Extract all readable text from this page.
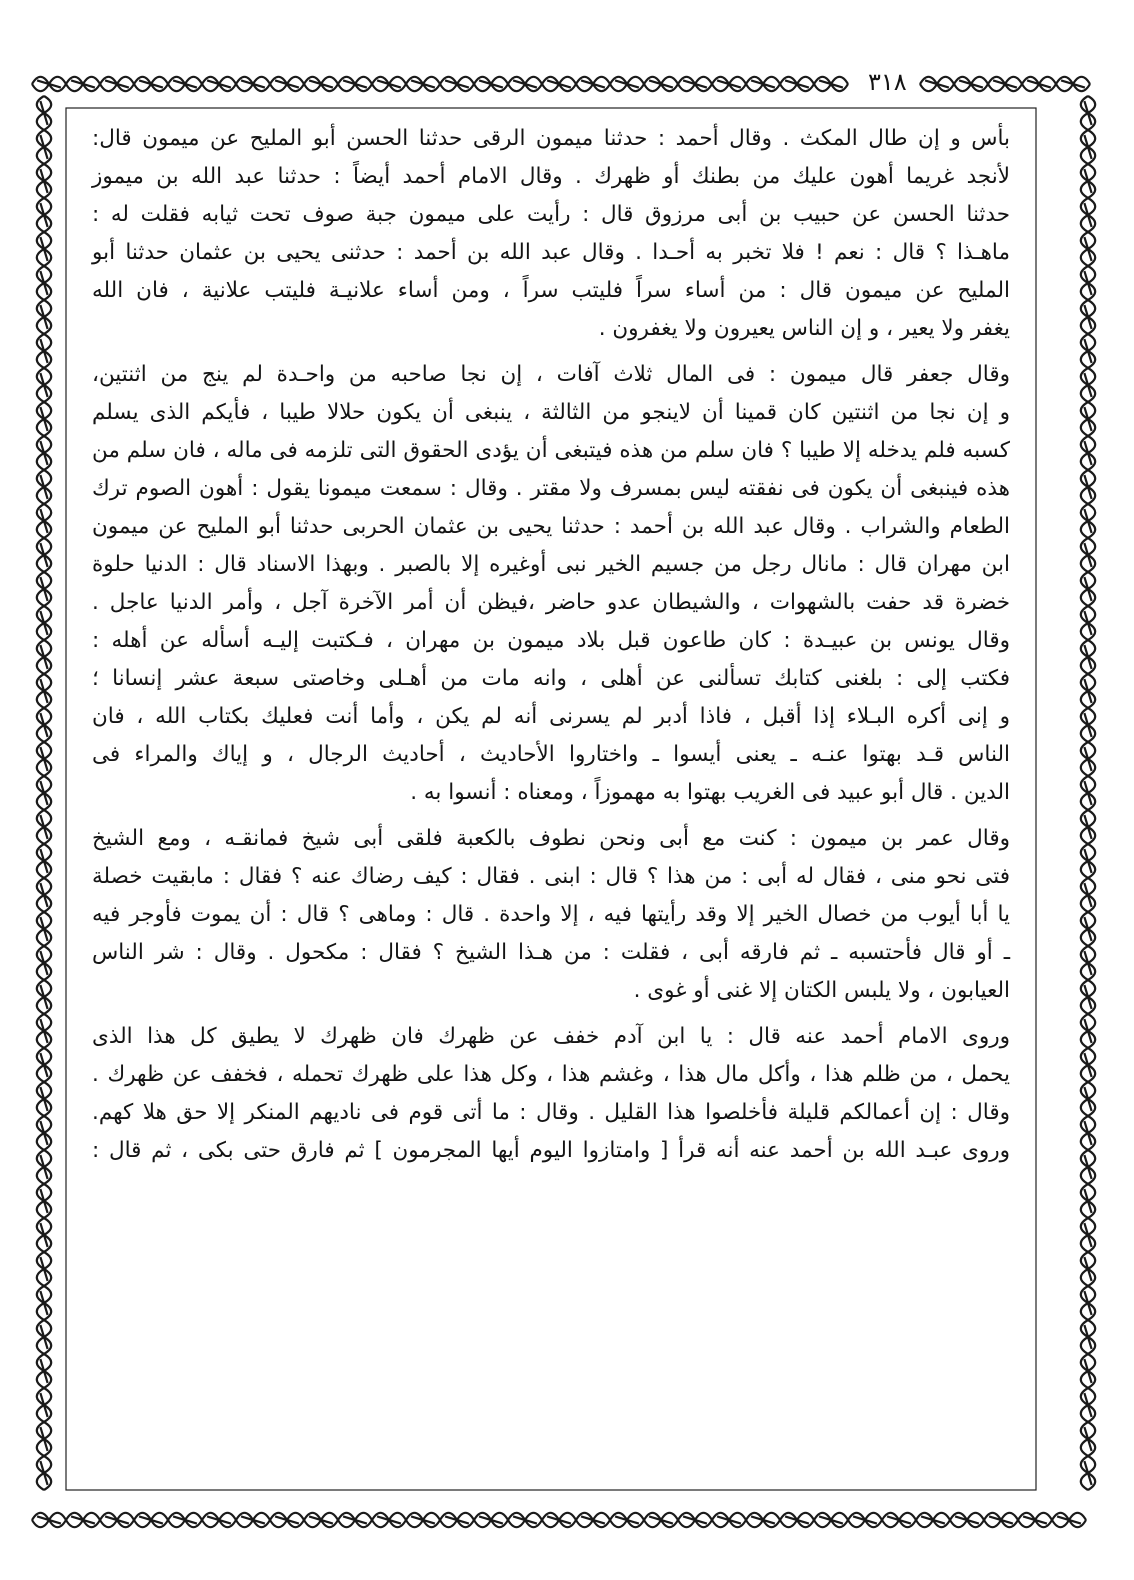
٣١٨
بأس و إن طال المكث . وقال أحمد : حدثنا ميمون الرقى حدثنا الحسن أبو المليح عن ميمون قال:
لأنجد غريما أهون عليك من بطنك أو ظهرك . وقال الامام أحمد أيضاً : حدثنا عبد الله بن ميموز
حدثنا الحسن عن حبيب بن أبى مرزوق قال : رأيت على ميمون جبة صوف تحت ثيابه فقلت له :
ماهـذا ؟ قال : نعم ! فلا تخبر به أحـدا . وقال عبد الله بن أحمد : حدثنى يحيى بن عثمان حدثنا أبو
المليح عن ميمون قال : من أساء سراً فليتب سراً ، ومن أساء علانيـة فليتب علانية ، فان الله
يغفر ولا يعير ، و إن الناس يعيرون ولا يغفرون .
وقال جعفر قال ميمون : فى المال ثلاث آفات ، إن نجا صاحبه من واحـدة لم ينج من اثنتين،
و إن نجا من اثنتين كان قمينا أن لاينجو من الثالثة ، ينبغى أن يكون حلالا طيبا ، فأيكم الذى يسلم
كسبه فلم يدخله إلا طيبا ؟ فان سلم من هذه فيتبغى أن يؤدى الحقوق التى تلزمه فى ماله ، فان سلم من
هذه فينبغى أن يكون فى نفقته ليس بمسرف ولا مقتر . وقال : سمعت ميمونا يقول : أهون الصوم ترك
الطعام والشراب . وقال عبد الله بن أحمد : حدثنا يحيى بن عثمان الحربى حدثنا أبو المليح عن ميمون
ابن مهران قال : مانال رجل من جسيم الخير نبى أوغيره إلا بالصبر . وبهذا الاسناد قال : الدنيا حلوة
خضرة قد حفت بالشهوات ، والشيطان عدو حاضر ،فيظن أن أمر الآخرة آجل ، وأمر الدنيا عاجل .
وقال يونس بن عبيـدة : كان طاعون قبل بلاد ميمون بن مهران ، فـكتبت إليـه أسأله عن أهله :
فكتب إلى : بلغنى كتابك تسألنى عن أهلى ، وانه مات من أهـلى وخاصتى سبعة عشر إنسانا ؛
و إنى أكره البـلاء إذا أقبل ، فاذا أدبر لم يسرنى أنه لم يكن ، وأما أنت فعليك بكتاب الله ، فان
الناس قـد بهتوا عنـه ـ يعنى أيسوا ـ واختاروا الأحاديث ، أحاديث الرجال ، و إياك والمراء فى
الدين . قال أبو عبيد فى الغريب بهتوا به مهموزاً ، ومعناه : أنسوا به .
وقال عمر بن ميمون : كنت مع أبى ونحن نطوف بالكعبة فلقى أبى شيخ فمانقـه ، ومع الشيخ
فتى نحو منى ، فقال له أبى : من هذا ؟ قال : ابنى . فقال : كيف رضاك عنه ؟ فقال : مابقيت خصلة
يا أبا أيوب من خصال الخير إلا وقد رأيتها فيه ، إلا واحدة . قال : وماهى ؟ قال : أن يموت فأوجر فيه
ـ أو قال فأحتسبه ـ ثم فارقه أبى ، فقلت : من هـذا الشيخ ؟ فقال : مكحول . وقال : شر الناس
العيابون ، ولا يلبس الكتان إلا غنى أو غوى .
وروى الامام أحمد عنه قال : يا ابن آدم خفف عن ظهرك فان ظهرك لا يطيق كل هذا الذى
يحمل ، من ظلم هذا ، وأكل مال هذا ، وغشم هذا ، وكل هذا على ظهرك تحمله ، فخفف عن ظهرك .
وقال : إن أعمالكم قليلة فأخلصوا هذا القليل . وقال : ما أتى قوم فى ناديهم المنكر إلا حق هلا كهم.
وروى عبـد الله بن أحمد عنه أنه قرأ [ وامتازوا اليوم أيها المجرمون ] ثم فارق حتى بكى ، ثم قال :
